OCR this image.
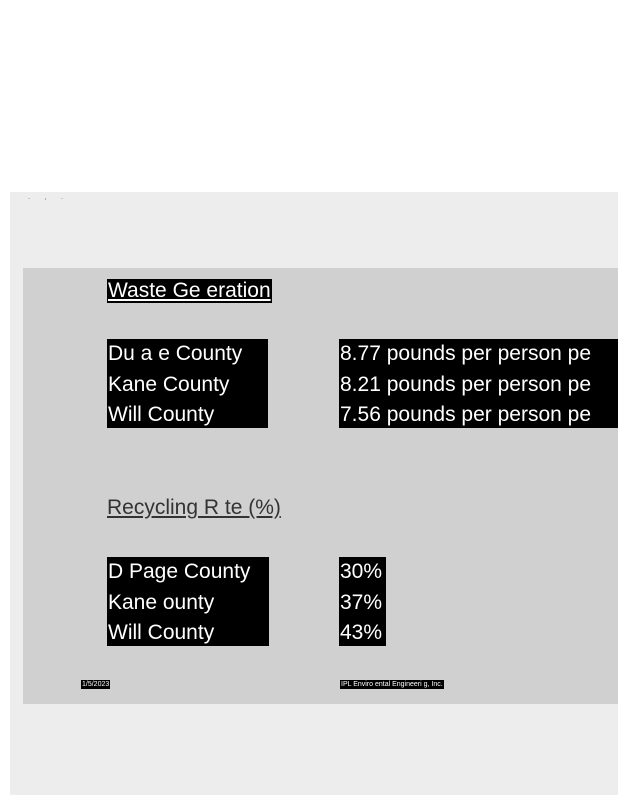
. , .
Waste Ge eration
Du a e County
Kane County
Will County
8.77 pounds per person pe
8.21 pounds per person pe
7.56 pounds per person pe
Recycling R te (%)
D Page County
Kane ounty
Will County
30%
37%
43%
1/5/2023	IPL Enviro ental Engineeri g, Inc.
